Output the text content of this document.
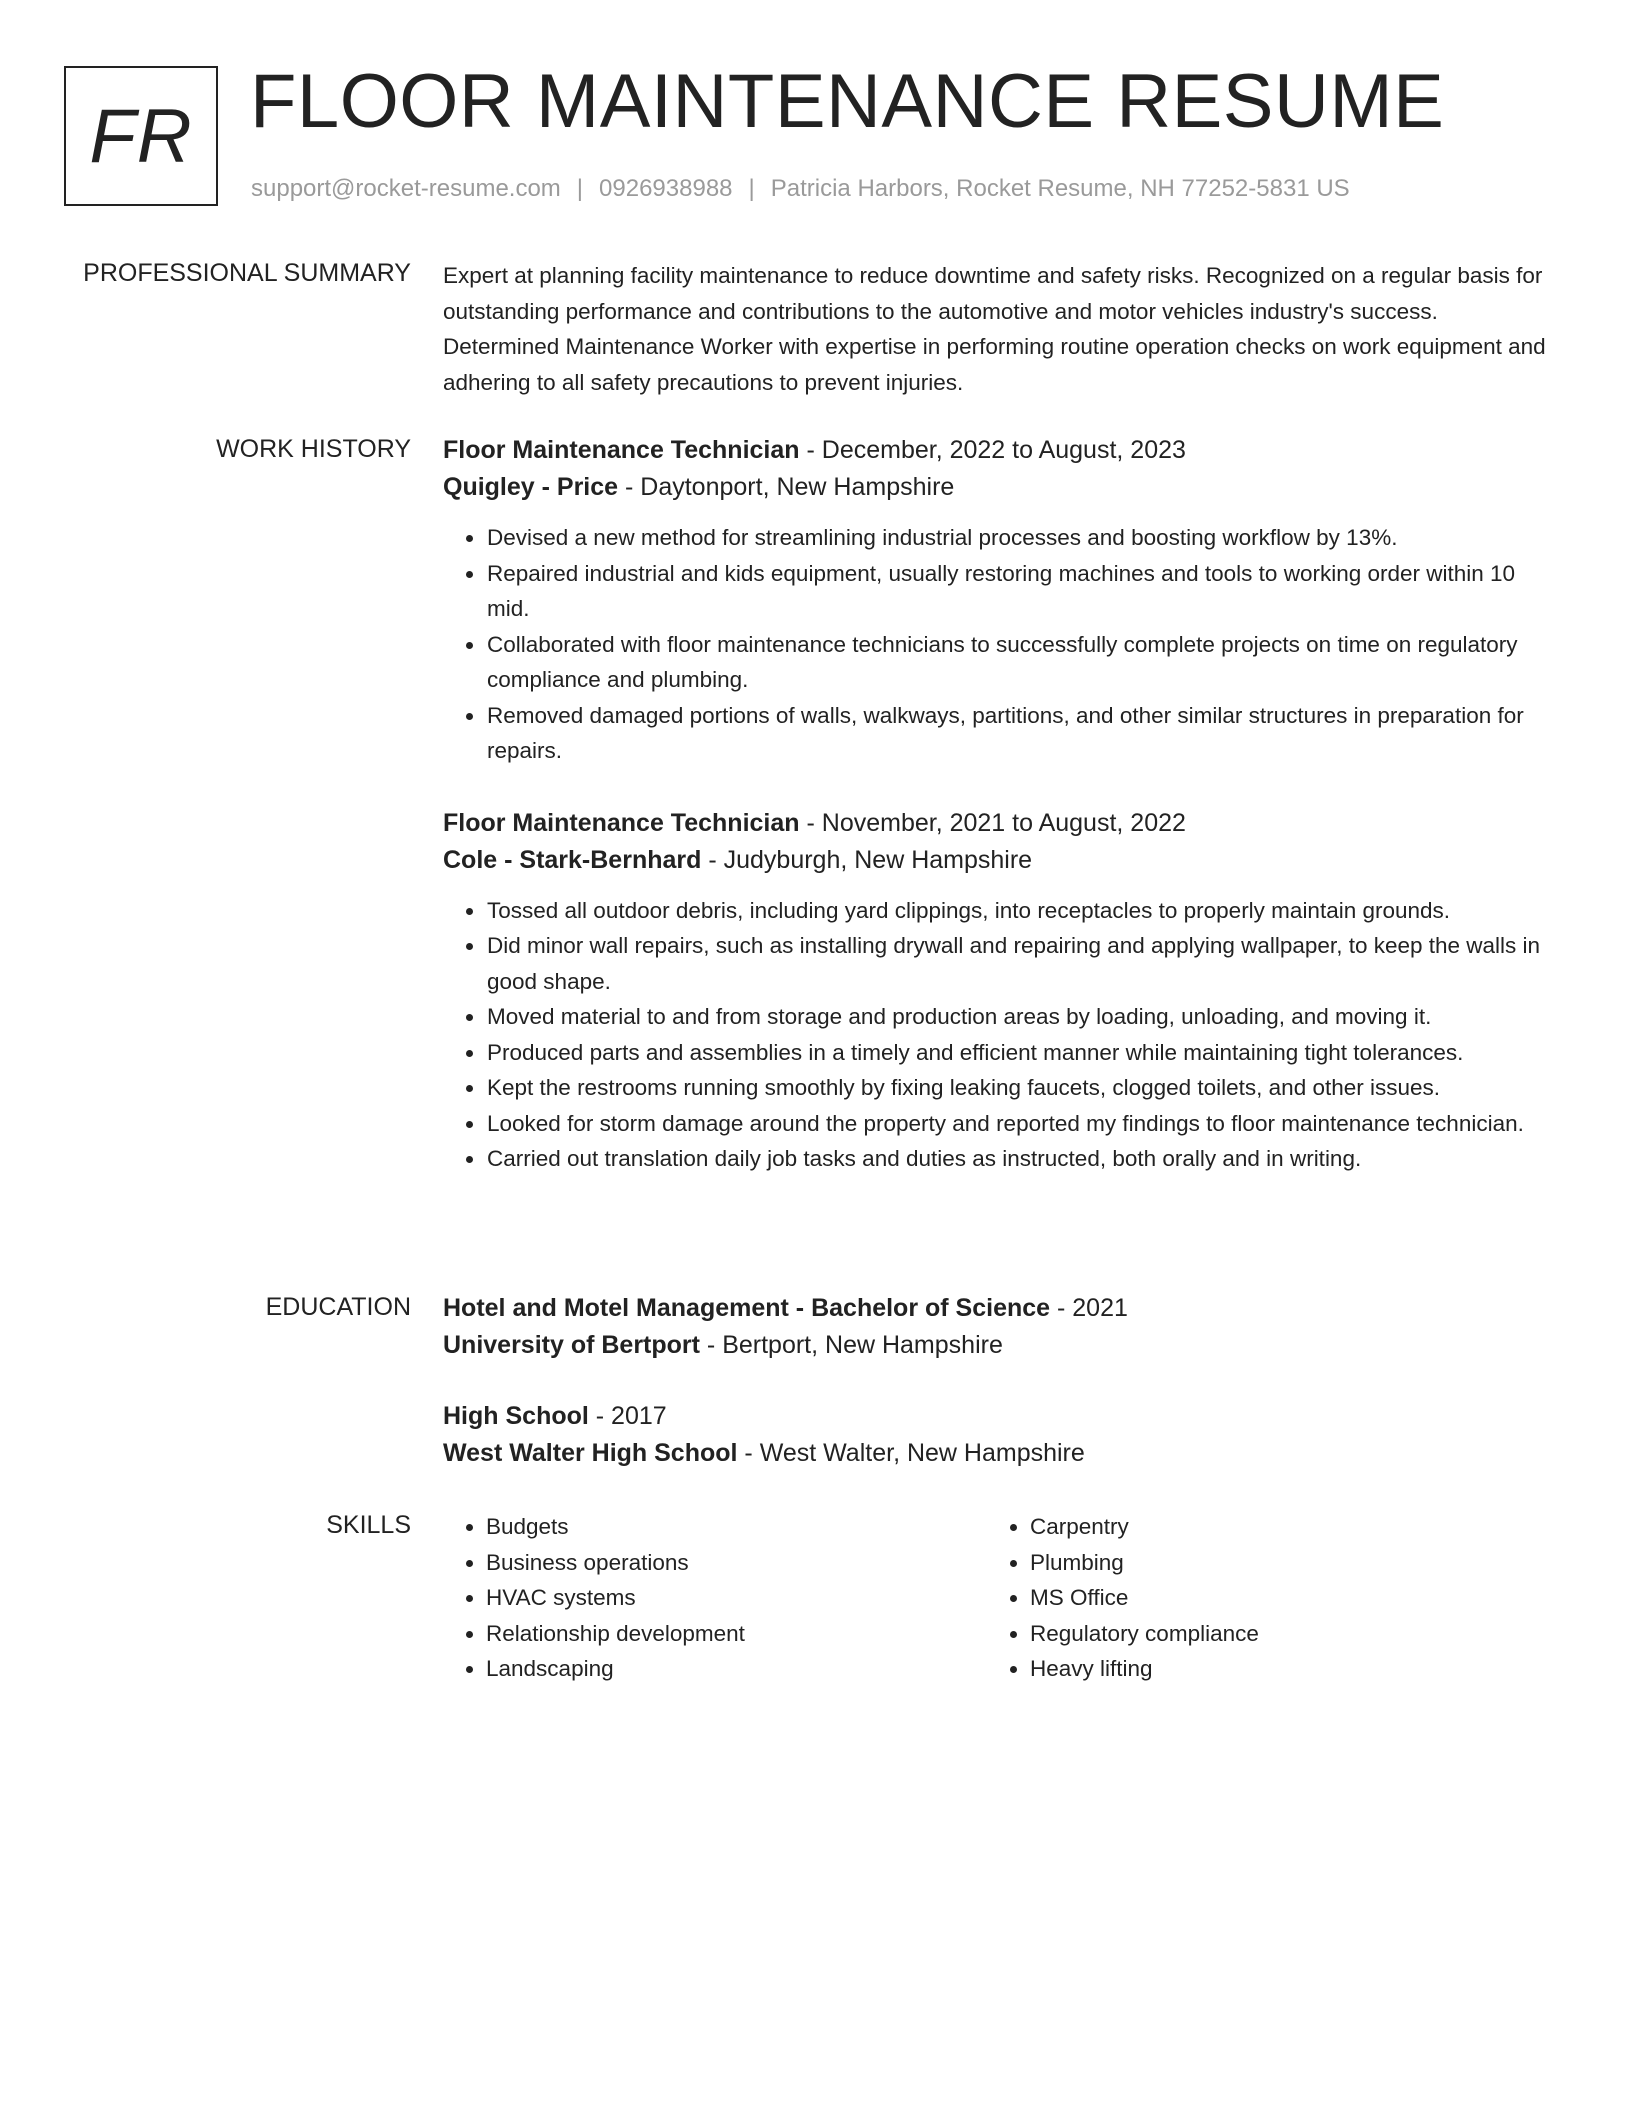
FR FLOOR MAINTENANCE RESUME
support@rocket-resume.com | 0926938988 | Patricia Harbors, Rocket Resume, NH 77252-5831 US
PROFESSIONAL SUMMARY Expert at planning facility maintenance to reduce downtime and safety risks. Recognized on a regular basis for outstanding performance and contributions to the automotive and motor vehicles industry's success. Determined Maintenance Worker with expertise in performing routine operation checks on work equipment and adhering to all safety precautions to prevent injuries.

WORK HISTORY Floor Maintenance Technician - December, 2022 to August, 2023
Quigley - Price - Daytonport, New Hampshire
• Devised a new method for streamlining industrial processes and boosting workflow by 13%.
• Repaired industrial and kids equipment, usually restoring machines and tools to working order within 10 mid.
• Collaborated with floor maintenance technicians to successfully complete projects on time on regulatory compliance and plumbing.
• Removed damaged portions of walls, walkways, partitions, and other similar structures in preparation for repairs.
Floor Maintenance Technician - November, 2021 to August, 2022
Cole - Stark-Bernhard - Judyburgh, New Hampshire
• Tossed all outdoor debris, including yard clippings, into receptacles to properly maintain grounds.
• Did minor wall repairs, such as installing drywall and repairing and applying wallpaper, to keep the walls in good shape.
• Moved material to and from storage and production areas by loading, unloading, and moving it.
• Produced parts and assemblies in a timely and efficient manner while maintaining tight tolerances.
• Kept the restrooms running smoothly by fixing leaking faucets, clogged toilets, and other issues.
• Looked for storm damage around the property and reported my findings to floor maintenance technician.
• Carried out translation daily job tasks and duties as instructed, both orally and in writing.
EDUCATION Hotel and Motel Management - Bachelor of Science - 2021
University of Bertport - Bertport, New Hampshire
High School - 2017
West Walter High School - West Walter, New Hampshire
SKILLS
•	Budgets
• Business operations
• HVAC systems
• Relationship development
• Landscaping
• Carpentry
• Plumbing
• MS Office
• Regulatory compliance
• Heavy lifting
